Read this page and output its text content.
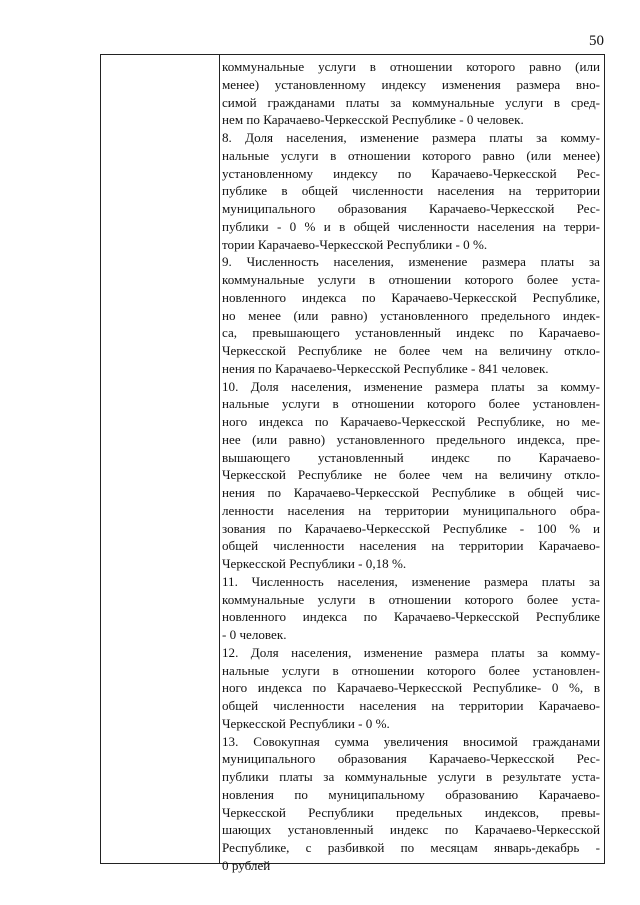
50
коммунальные услуги в отношении которого равно (или
менее) установленному индексу изменения размера вно-
симой гражданами платы за коммунальные услуги в сред-
нем по Карачаево-Черкесской Республике - 0 человек.
8. Доля населения, изменение размера платы за комму-
нальные услуги в отношении которого равно (или менее)
установленному индексу по Карачаево-Черкесской Рес-
публике в общей численности населения на территории
муниципального образования Карачаево-Черкесской Рес-
публики - 0 % и в общей численности населения на терри-
тории Карачаево-Черкесской Республики - 0 %.
9. Численность населения, изменение размера платы за
коммунальные услуги в отношении которого более уста-
новленного индекса по Карачаево-Черкесской Республике,
но менее (или равно) установленного предельного индек-
са, превышающего установленный индекс по Карачаево-
Черкесской Республике не более чем на величину откло-
нения по Карачаево-Черкесской Республике - 841 человек.
10. Доля населения, изменение размера платы за комму-
нальные услуги в отношении которого более установлен-
ного индекса по Карачаево-Черкесской Республике, но ме-
нее (или равно) установленного предельного индекса, пре-
вышающего установленный индекс по Карачаево-
Черкесской Республике не более чем на величину откло-
нения по Карачаево-Черкесской Республике в общей чис-
ленности населения на территории муниципального обра-
зования по Карачаево-Черкесской Республике - 100 % и
общей численности населения на территории Карачаево-
Черкесской Республики - 0,18 %.
11. Численность населения, изменение размера платы за
коммунальные услуги в отношении которого более уста-
новленного индекса по Карачаево-Черкесской Республике
- 0 человек.
12. Доля населения, изменение размера платы за комму-
нальные услуги в отношении которого более установлен-
ного индекса по Карачаево-Черкесской Республике- 0 %, в
общей численности населения на территории Карачаево-
Черкесской Республики - 0 %.
13. Совокупная сумма увеличения вносимой гражданами
муниципального образования Карачаево-Черкесской Рес-
публики платы за коммунальные услуги в результате уста-
новления по муниципальному образованию Карачаево-
Черкесской Республики предельных индексов, превы-
шающих установленный индекс по Карачаево-Черкесской
Республике, с разбивкой по месяцам январь-декабрь -
0 рублей
